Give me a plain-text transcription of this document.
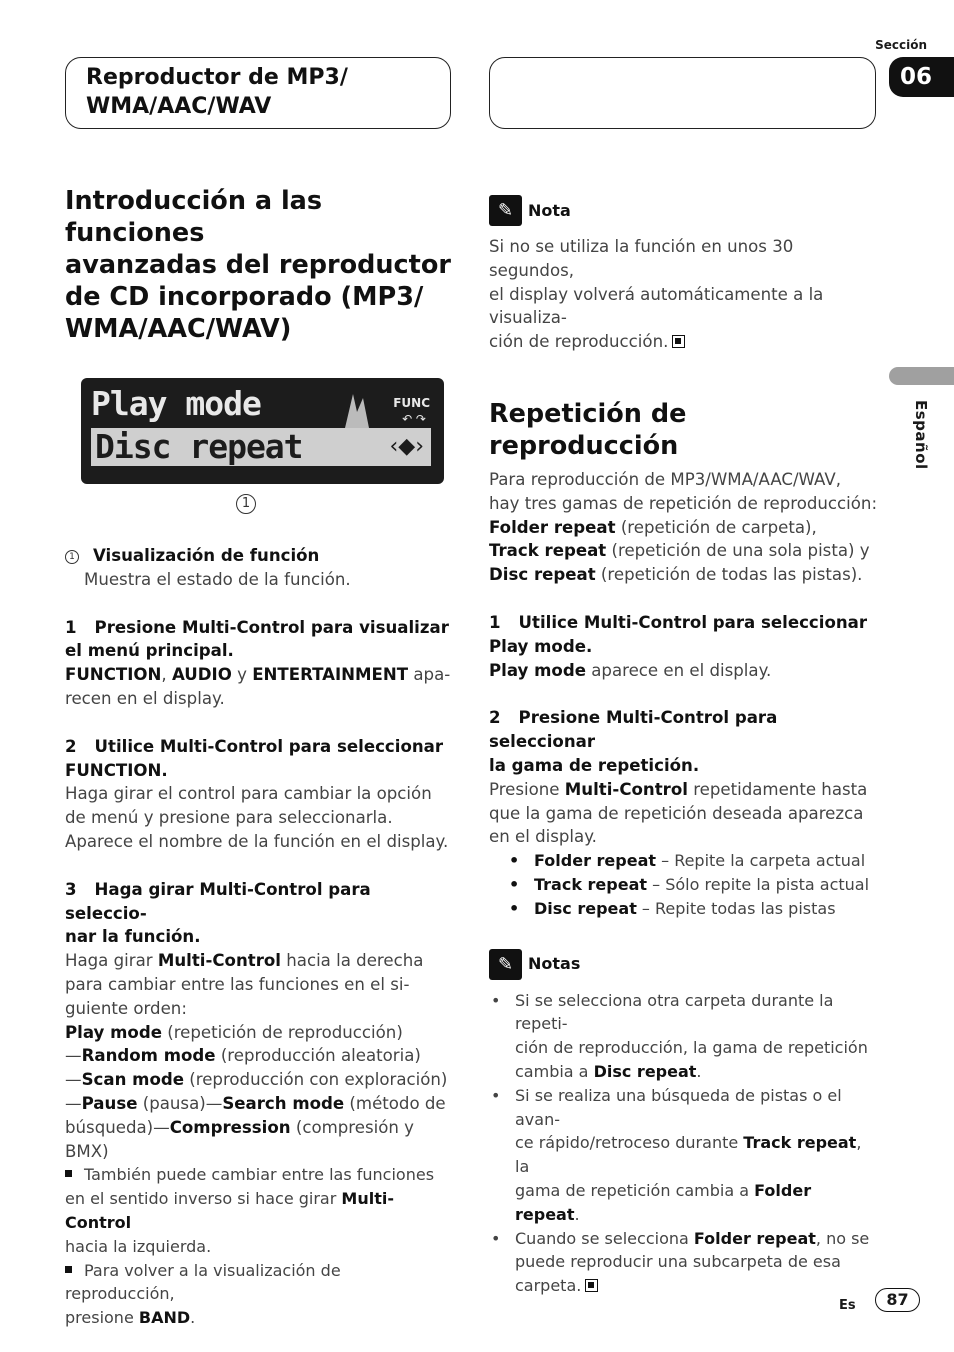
Reproductor de MP3/
WMA/AAC/WAV
Sección
06
Español
Introducción a las funciones
avanzadas del reproductor
de CD incorporado (MP3/
WMA/AAC/WAV)
Play mode	FUNC
↶ ↷
Disc repeat	‹◆›
1
1 Visualización de función
Muestra el estado de la función.
1 Presione Multi-Control para visualizar
el menú principal.
FUNCTION, AUDIO y ENTERTAINMENT apa-
recen en el display.
2 Utilice Multi-Control para seleccionar
FUNCTION.
Haga girar el control para cambiar la opción
de menú y presione para seleccionarla.
Aparece el nombre de la función en el display.
3 Haga girar Multi-Control para seleccio-
nar la función.
Haga girar Multi-Control hacia la derecha
para cambiar entre las funciones en el si-
guiente orden:
Play mode (repetición de reproducción)
—Random mode (reproducción aleatoria)
—Scan mode (reproducción con exploración)
—Pause (pausa)—Search mode (método de
búsqueda)—Compression (compresión y
BMX)
También puede cambiar entre las funciones
en el sentido inverso si hace girar Multi-Control
hacia la izquierda.
Para volver a la visualización de reproducción,
presione BAND.
✎ Nota
Si no se utiliza la función en unos 30 segundos,
el display volverá automáticamente a la visualiza-
ción de reproducción.
Repetición de reproducción
Para reproducción de MP3/WMA/AAC/WAV,
hay tres gamas de repetición de reproducción:
Folder repeat (repetición de carpeta),
Track repeat (repetición de una sola pista) y
Disc repeat (repetición de todas las pistas).
1 Utilice Multi-Control para seleccionar
Play mode.
Play mode aparece en el display.
2 Presione Multi-Control para seleccionar
la gama de repetición.
Presione Multi-Control repetidamente hasta
que la gama de repetición deseada aparezca
en el display.
• Folder repeat – Repite la carpeta actual
• Track repeat – Sólo repite la pista actual
• Disc repeat – Repite todas las pistas
✎ Notas
• Si se selecciona otra carpeta durante la repeti-
ción de reproducción, la gama de repetición
cambia a Disc repeat.
• Si se realiza una búsqueda de pistas o el avan-
ce rápido/retroceso durante Track repeat, la
gama de repetición cambia a Folder repeat.
• Cuando se selecciona Folder repeat, no se
puede reproducir una subcarpeta de esa
carpeta.
Es	87
